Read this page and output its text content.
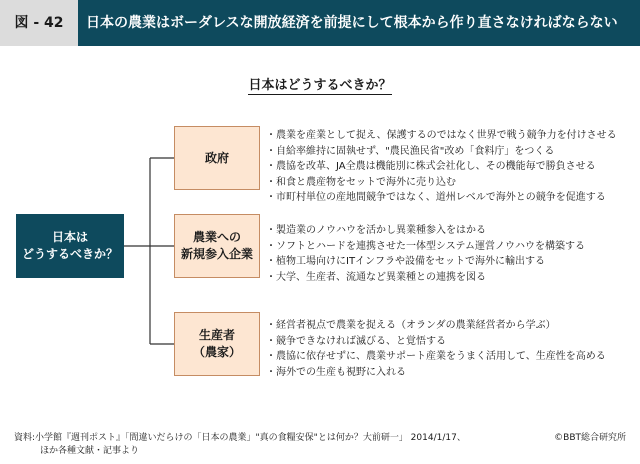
図 - 42	日本の農業はボーダレスな開放経済を前提にして根本から作り直さなければならない
日本はどうするべきか？
日本は
どうするべきか？
政府
・農業を産業として捉え、保護するのではなく世界で戦う競争力を付けさせる
・自給率維持に固執せず、"農民漁民省"改め「食料庁」をつくる
・農協を改革、JA全農は機能別に株式会社化し、その機能毎で勝負させる
・和食と農産物をセットで海外に売り込む
・市町村単位の産地間競争ではなく、道州レベルで海外との競争を促進する
農業への
新規参入企業
・製造業のノウハウを活かし異業種参入をはかる
・ソフトとハードを連携させた一体型システム運営ノウハウを構築する
・植物工場向けにITインフラや設備をセットで海外に輸出する
・大学、生産者、流通など異業種との連携を図る
生産者
（農家）
・経営者視点で農業を捉える（オランダの農業経営者から学ぶ）
・競争できなければ滅びる、と覚悟する
・農協に依存せずに、農業サポート産業をうまく活用して、生産性を高める
・海外での生産も視野に入れる
資料:小学館『週刊ポスト』「間違いだらけの「日本の農業」"真の食糧安保"とは何か？大前研一」 2014/1/17、
ほか各種文献・記事より
©BBT総合研究所
